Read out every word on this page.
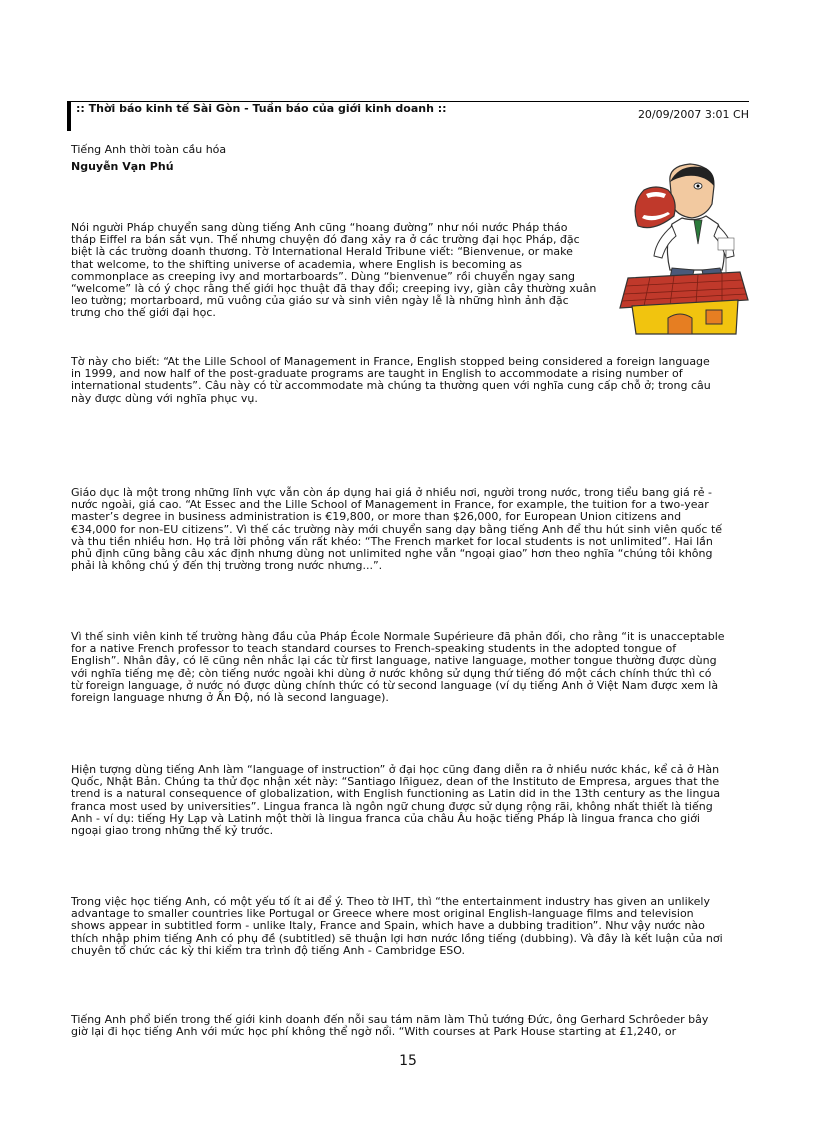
:: Thời báo kinh tế Sài Gòn - Tuần báo của giới kinh doanh ::	20/09/2007 3:01 CH
Tiếng Anh thời toàn cầu hóa
Nguyễn Vạn Phú
Nói người Pháp chuyển sang dùng tiếng Anh cũng “hoang đường” như nói nước Pháp tháo
tháp Eiffel ra bán sắt vụn. Thế nhưng chuyện đó đang xảy ra ở các trường đại học Pháp, đặc
biệt là các trường doanh thương. Tờ International Herald Tribune viết: “Bienvenue, or make
that welcome, to the shifting universe of academia, where English is becoming as
commonplace as creeping ivy and mortarboards”. Dùng “bienvenue” rồi chuyển ngay sang
“welcome” là có ý chọc rằng thế giới học thuật đã thay đổi; creeping ivy, giàn cây thường xuân
leo tường; mortarboard, mũ vuông của giáo sư và sinh viên ngày lễ là những hình ảnh đặc
trưng cho thế giới đại học.
Tờ này cho biết: “At the Lille School of Management in France, English stopped being considered a foreign language
in 1999, and now half of the post-graduate programs are taught in English to accommodate a rising number of
international students”. Câu này có từ accommodate mà chúng ta thường quen với nghĩa cung cấp chỗ ở; trong câu
này được dùng với nghĩa phục vụ.
Giáo dục là một trong những lĩnh vực vẫn còn áp dụng hai giá ở nhiều nơi, người trong nước, trong tiểu bang giá rẻ -
nước ngoài, giá cao. “At Essec and the Lille School of Management in France, for example, the tuition for a two-year
master’s degree in business administration is €19,800, or more than $26,000, for European Union citizens and
€34,000 for non-EU citizens”. Vì thế các trường này mới chuyển sang dạy bằng tiếng Anh để thu hút sinh viên quốc tế
và thu tiền nhiều hơn. Họ trả lời phỏng vấn rất khéo: “The French market for local students is not unlimited”. Hai lần
phủ định cũng bằng câu xác định nhưng dùng not unlimited nghe vẫn “ngoại giao” hơn theo nghĩa “chúng tôi không
phải là không chú ý đến thị trường trong nước nhưng...”.
Vì thế sinh viên kinh tế trường hàng đầu của Pháp École Normale Supérieure đã phản đối, cho rằng “it is unacceptable
for a native French professor to teach standard courses to French-speaking students in the adopted tongue of
English”. Nhân đây, có lẽ cũng nên nhắc lại các từ first language, native language, mother tongue thường được dùng
với nghĩa tiếng mẹ đẻ; còn tiếng nước ngoài khi dùng ở nước không sử dụng thứ tiếng đó một cách chính thức thì có
từ foreign language, ở nước nó được dùng chính thức có từ second language (ví dụ tiếng Anh ở Việt Nam được xem là
foreign language nhưng ở Ấn Độ, nó là second language).
Hiện tượng dùng tiếng Anh làm “language of instruction” ở đại học cũng đang diễn ra ở nhiều nước khác, kể cả ở Hàn
Quốc, Nhật Bản. Chúng ta thử đọc nhận xét này: “Santiago Iñiguez, dean of the Instituto de Empresa, argues that the
trend is a natural consequence of globalization, with English functioning as Latin did in the 13th century as the lingua
franca most used by universities”. Lingua franca là ngôn ngữ chung được sử dụng rộng rãi, không nhất thiết là tiếng
Anh - ví dụ: tiếng Hy Lạp và Latinh một thời là lingua franca của châu Âu hoặc tiếng Pháp là lingua franca cho giới
ngoại giao trong những thế kỷ trước.
Trong việc học tiếng Anh, có một yếu tố ít ai để ý. Theo tờ IHT, thì “the entertainment industry has given an unlikely
advantage to smaller countries like Portugal or Greece where most original English-language films and television
shows appear in subtitled form - unlike Italy, France and Spain, which have a dubbing tradition”. Như vậy nước nào
thích nhập phim tiếng Anh có phụ đề (subtitled) sẽ thuận lợi hơn nước lồng tiếng (dubbing). Và đây là kết luận của nơi
chuyên tổ chức các kỳ thi kiểm tra trình độ tiếng Anh - Cambridge ESO.
Tiếng Anh phổ biến trong thế giới kinh doanh đến nỗi sau tám năm làm Thủ tướng Đức, ông Gerhard Schrôeder bây
giờ lại đi học tiếng Anh với mức học phí không thể ngờ nổi. “With courses at Park House starting at £1,240, or
15
